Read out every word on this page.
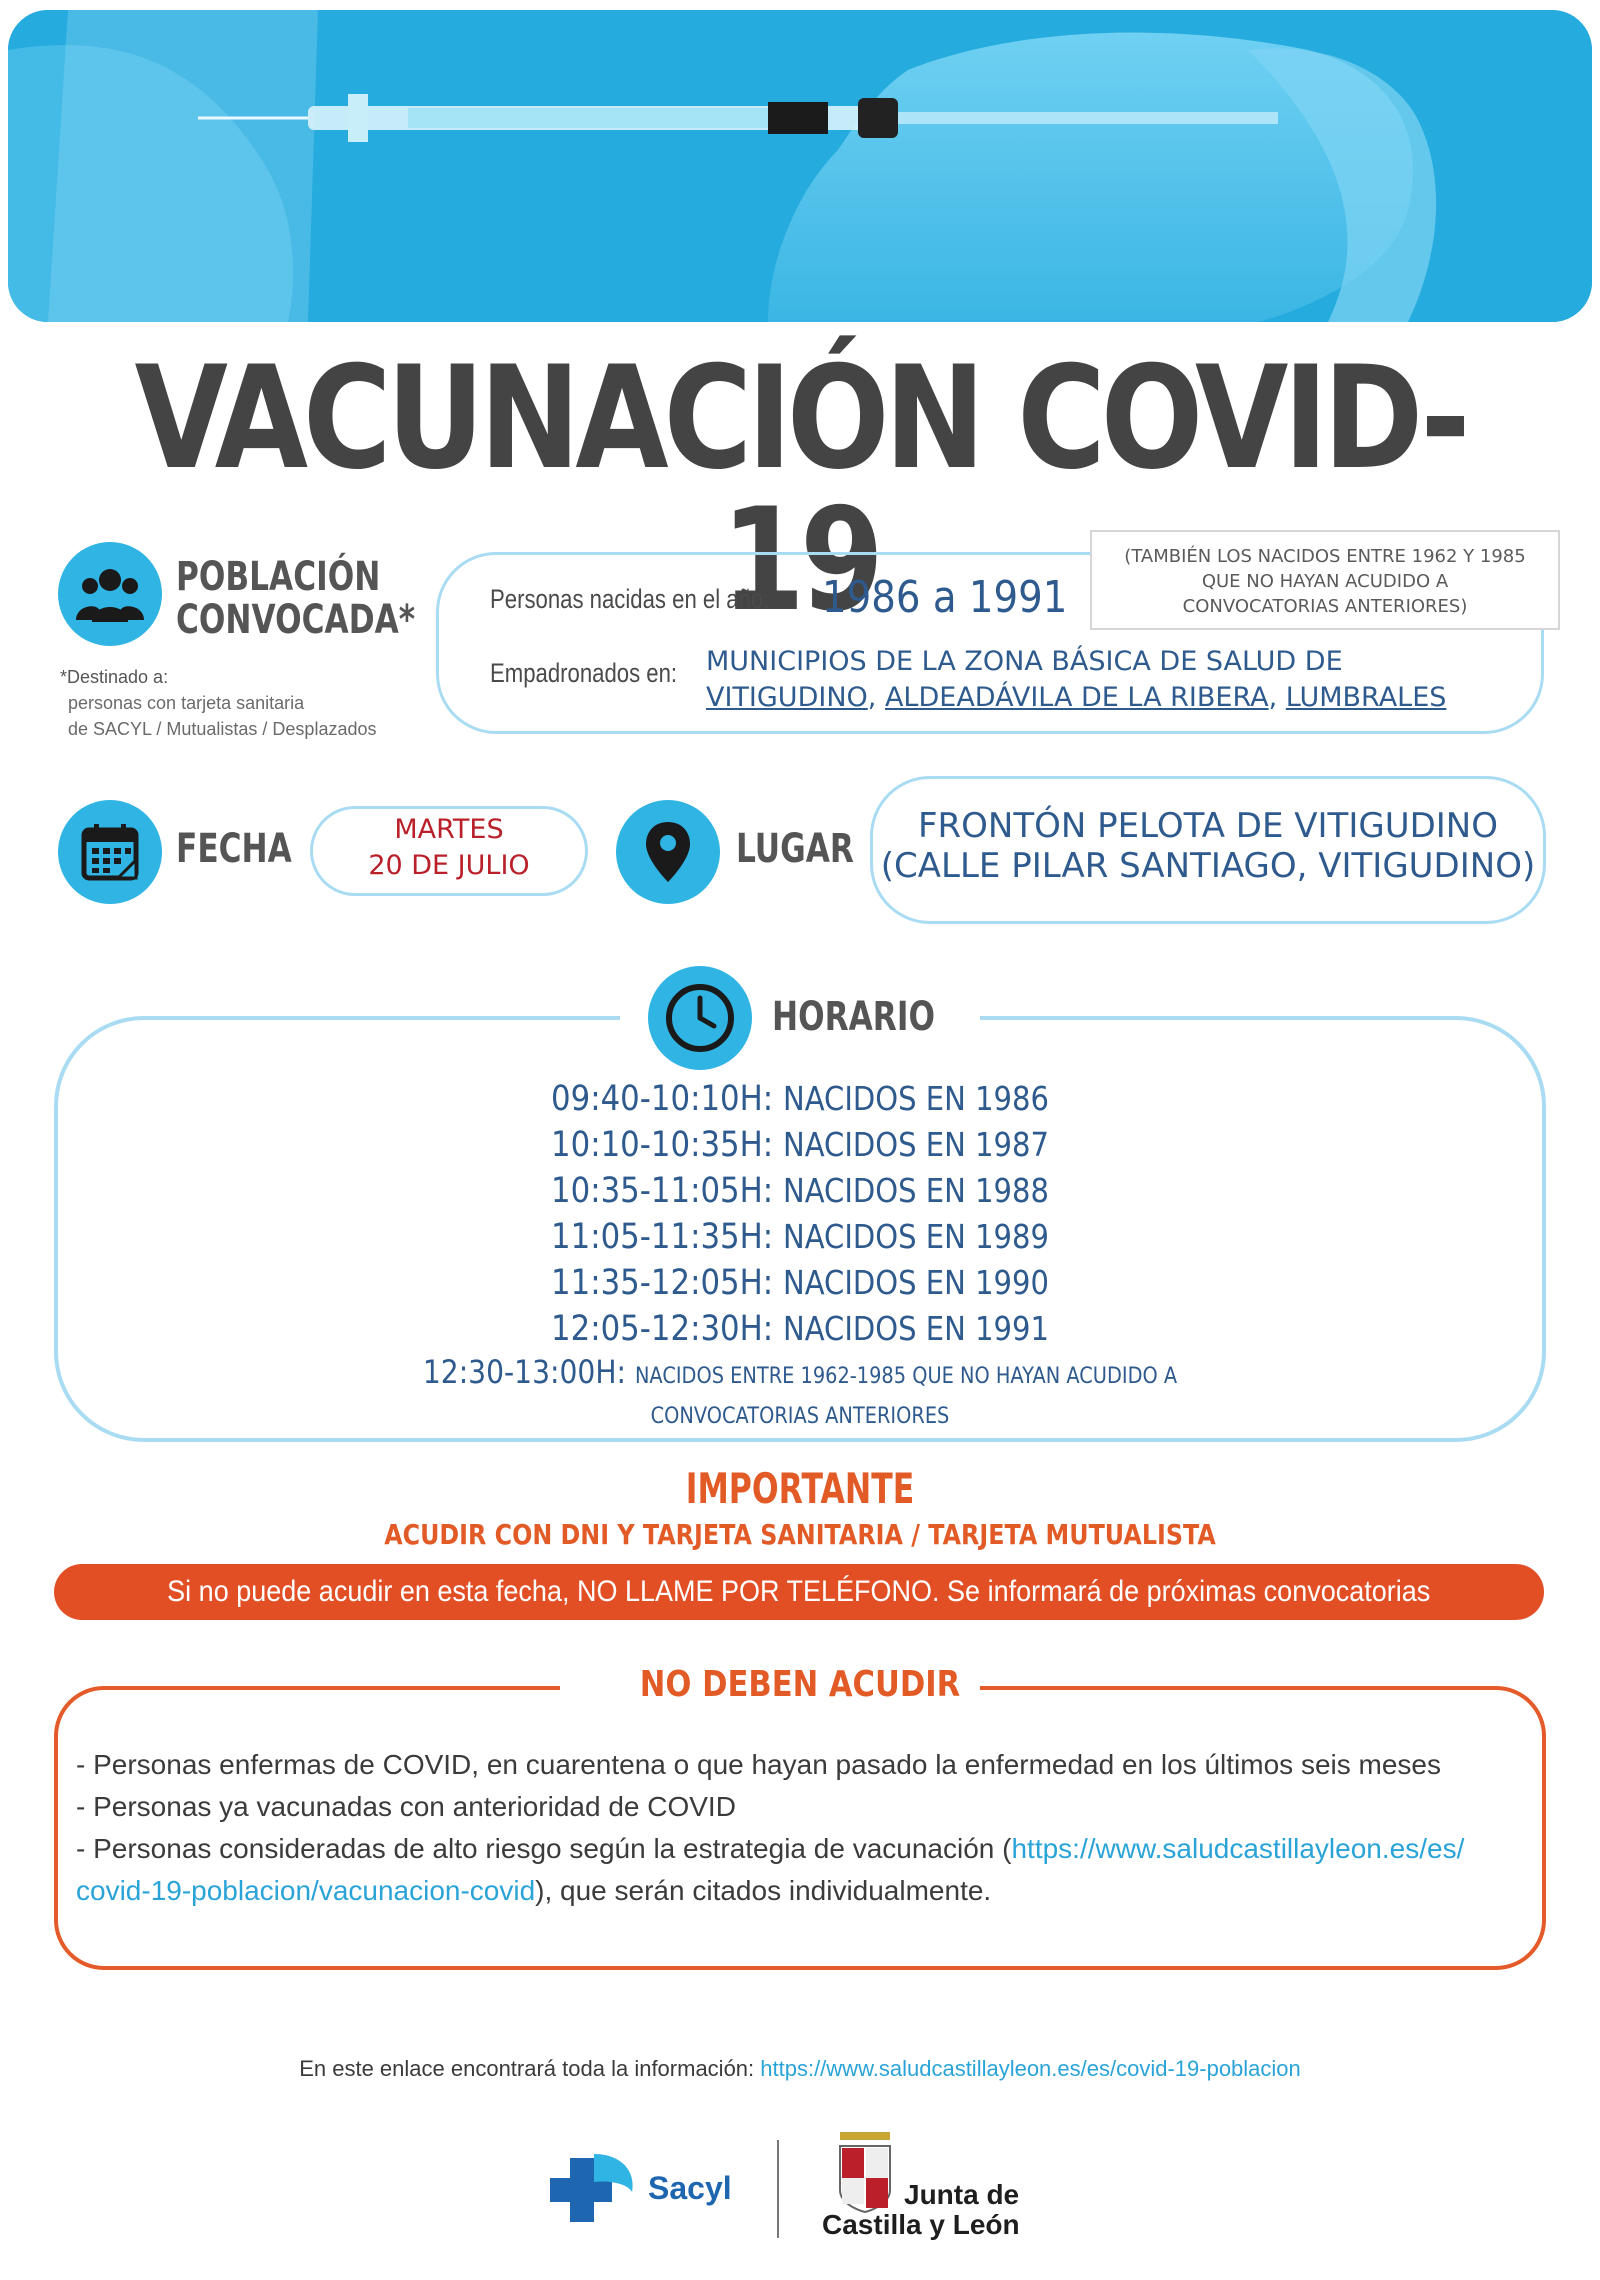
VACUNACIÓN COVID-19
POBLACIÓN
CONVOCADA*
*Destinado a:
personas con tarjeta sanitaria
de SACYL / Mutualistas / Desplazados
(TAMBIÉN LOS NACIDOS ENTRE 1962 Y 1985
QUE NO HAYAN ACUDIDO A
CONVOCATORIAS ANTERIORES)
Personas nacidas en el año: 1986 a 1991
Empadronados en: MUNICIPIOS DE LA ZONA BÁSICA DE SALUD DE
VITIGUDINO, ALDEADÁVILA DE LA RIBERA, LUMBRALES
FECHA	MARTES
20 DE JULIO	LUGAR	FRONTÓN PELOTA DE VITIGUDINO
(CALLE PILAR SANTIAGO, VITIGUDINO)
HORARIO
09:40-10:10H: NACIDOS EN 1986
10:10-10:35H: NACIDOS EN 1987
10:35-11:05H: NACIDOS EN 1988
11:05-11:35H: NACIDOS EN 1989
11:35-12:05H: NACIDOS EN 1990
12:05-12:30H: NACIDOS EN 1991
12:30-13:00H: NACIDOS ENTRE 1962-1985 QUE NO HAYAN ACUDIDO A
CONVOCATORIAS ANTERIORES
IMPORTANTE
ACUDIR CON DNI Y TARJETA SANITARIA / TARJETA MUTUALISTA
Si no puede acudir en esta fecha, NO LLAME POR TELÉFONO. Se informará de próximas convocatorias
NO DEBEN ACUDIR
- Personas enfermas de COVID, en cuarentena o que hayan pasado la enfermedad en los últimos seis meses
- Personas ya vacunadas con anterioridad de COVID
- Personas consideradas de alto riesgo según la estrategia de vacunación (https://www.saludcastillayleon.es/es/
covid-19-poblacion/vacunacion-covid), que serán citados individualmente.
En este enlace encontrará toda la información: https://www.saludcastillayleon.es/es/covid-19-poblacion
Sacyl	Junta de
Castilla y León
